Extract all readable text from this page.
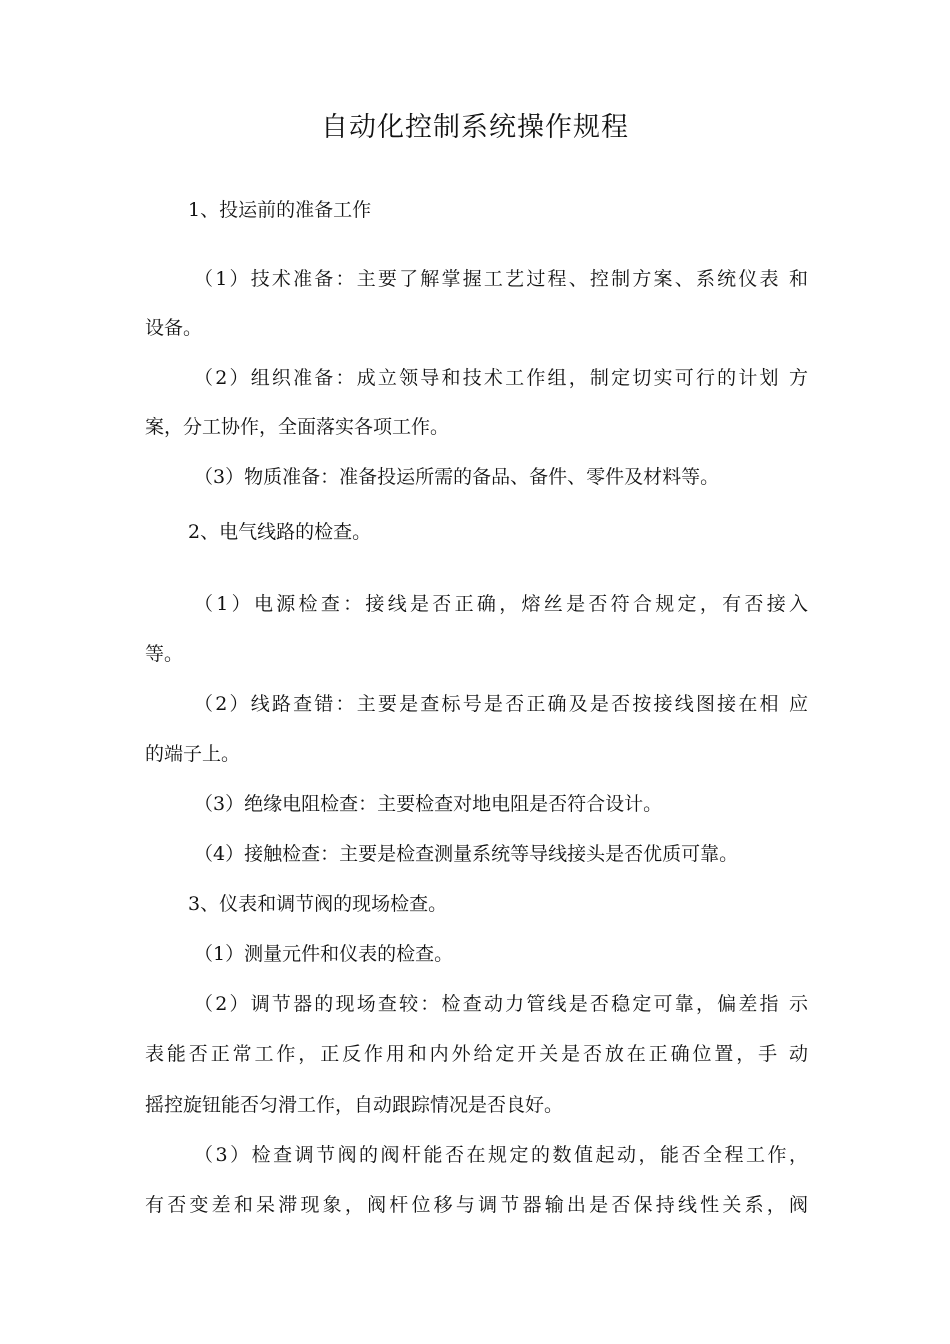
自动化控制系统操作规程
1、投运前的准备工作
（1）技术准备：主要了解掌握工艺过程、控制方案、系统仪表 和
设备。
（2）组织准备：成立领导和技术工作组，制定切实可行的计划 方
案，分工协作，全面落实各项工作。
（3）物质准备：准备投运所需的备品、备件、零件及材料等。
2、电气线路的检查。
（1）电源检查：接线是否正确，熔丝是否符合规定，有否接入
等。
（2）线路查错：主要是查标号是否正确及是否按接线图接在相 应
的端子上。
（3）绝缘电阻检查：主要检查对地电阻是否符合设计。
（4）接触检查：主要是检查测量系统等导线接头是否优质可靠。
3、仪表和调节阀的现场检查。
（1）测量元件和仪表的检查。
（2）调节器的现场查较：检查动力管线是否稳定可靠，偏差指 示
表能否正常工作，正反作用和内外给定开关是否放在正确位置，手 动
摇控旋钮能否匀滑工作，自动跟踪情况是否良好。
（3）检查调节阀的阀杆能否在规定的数值起动，能否全程工作，
有否变差和呆滞现象，阀杆位移与调节器输出是否保持线性关系，阀
